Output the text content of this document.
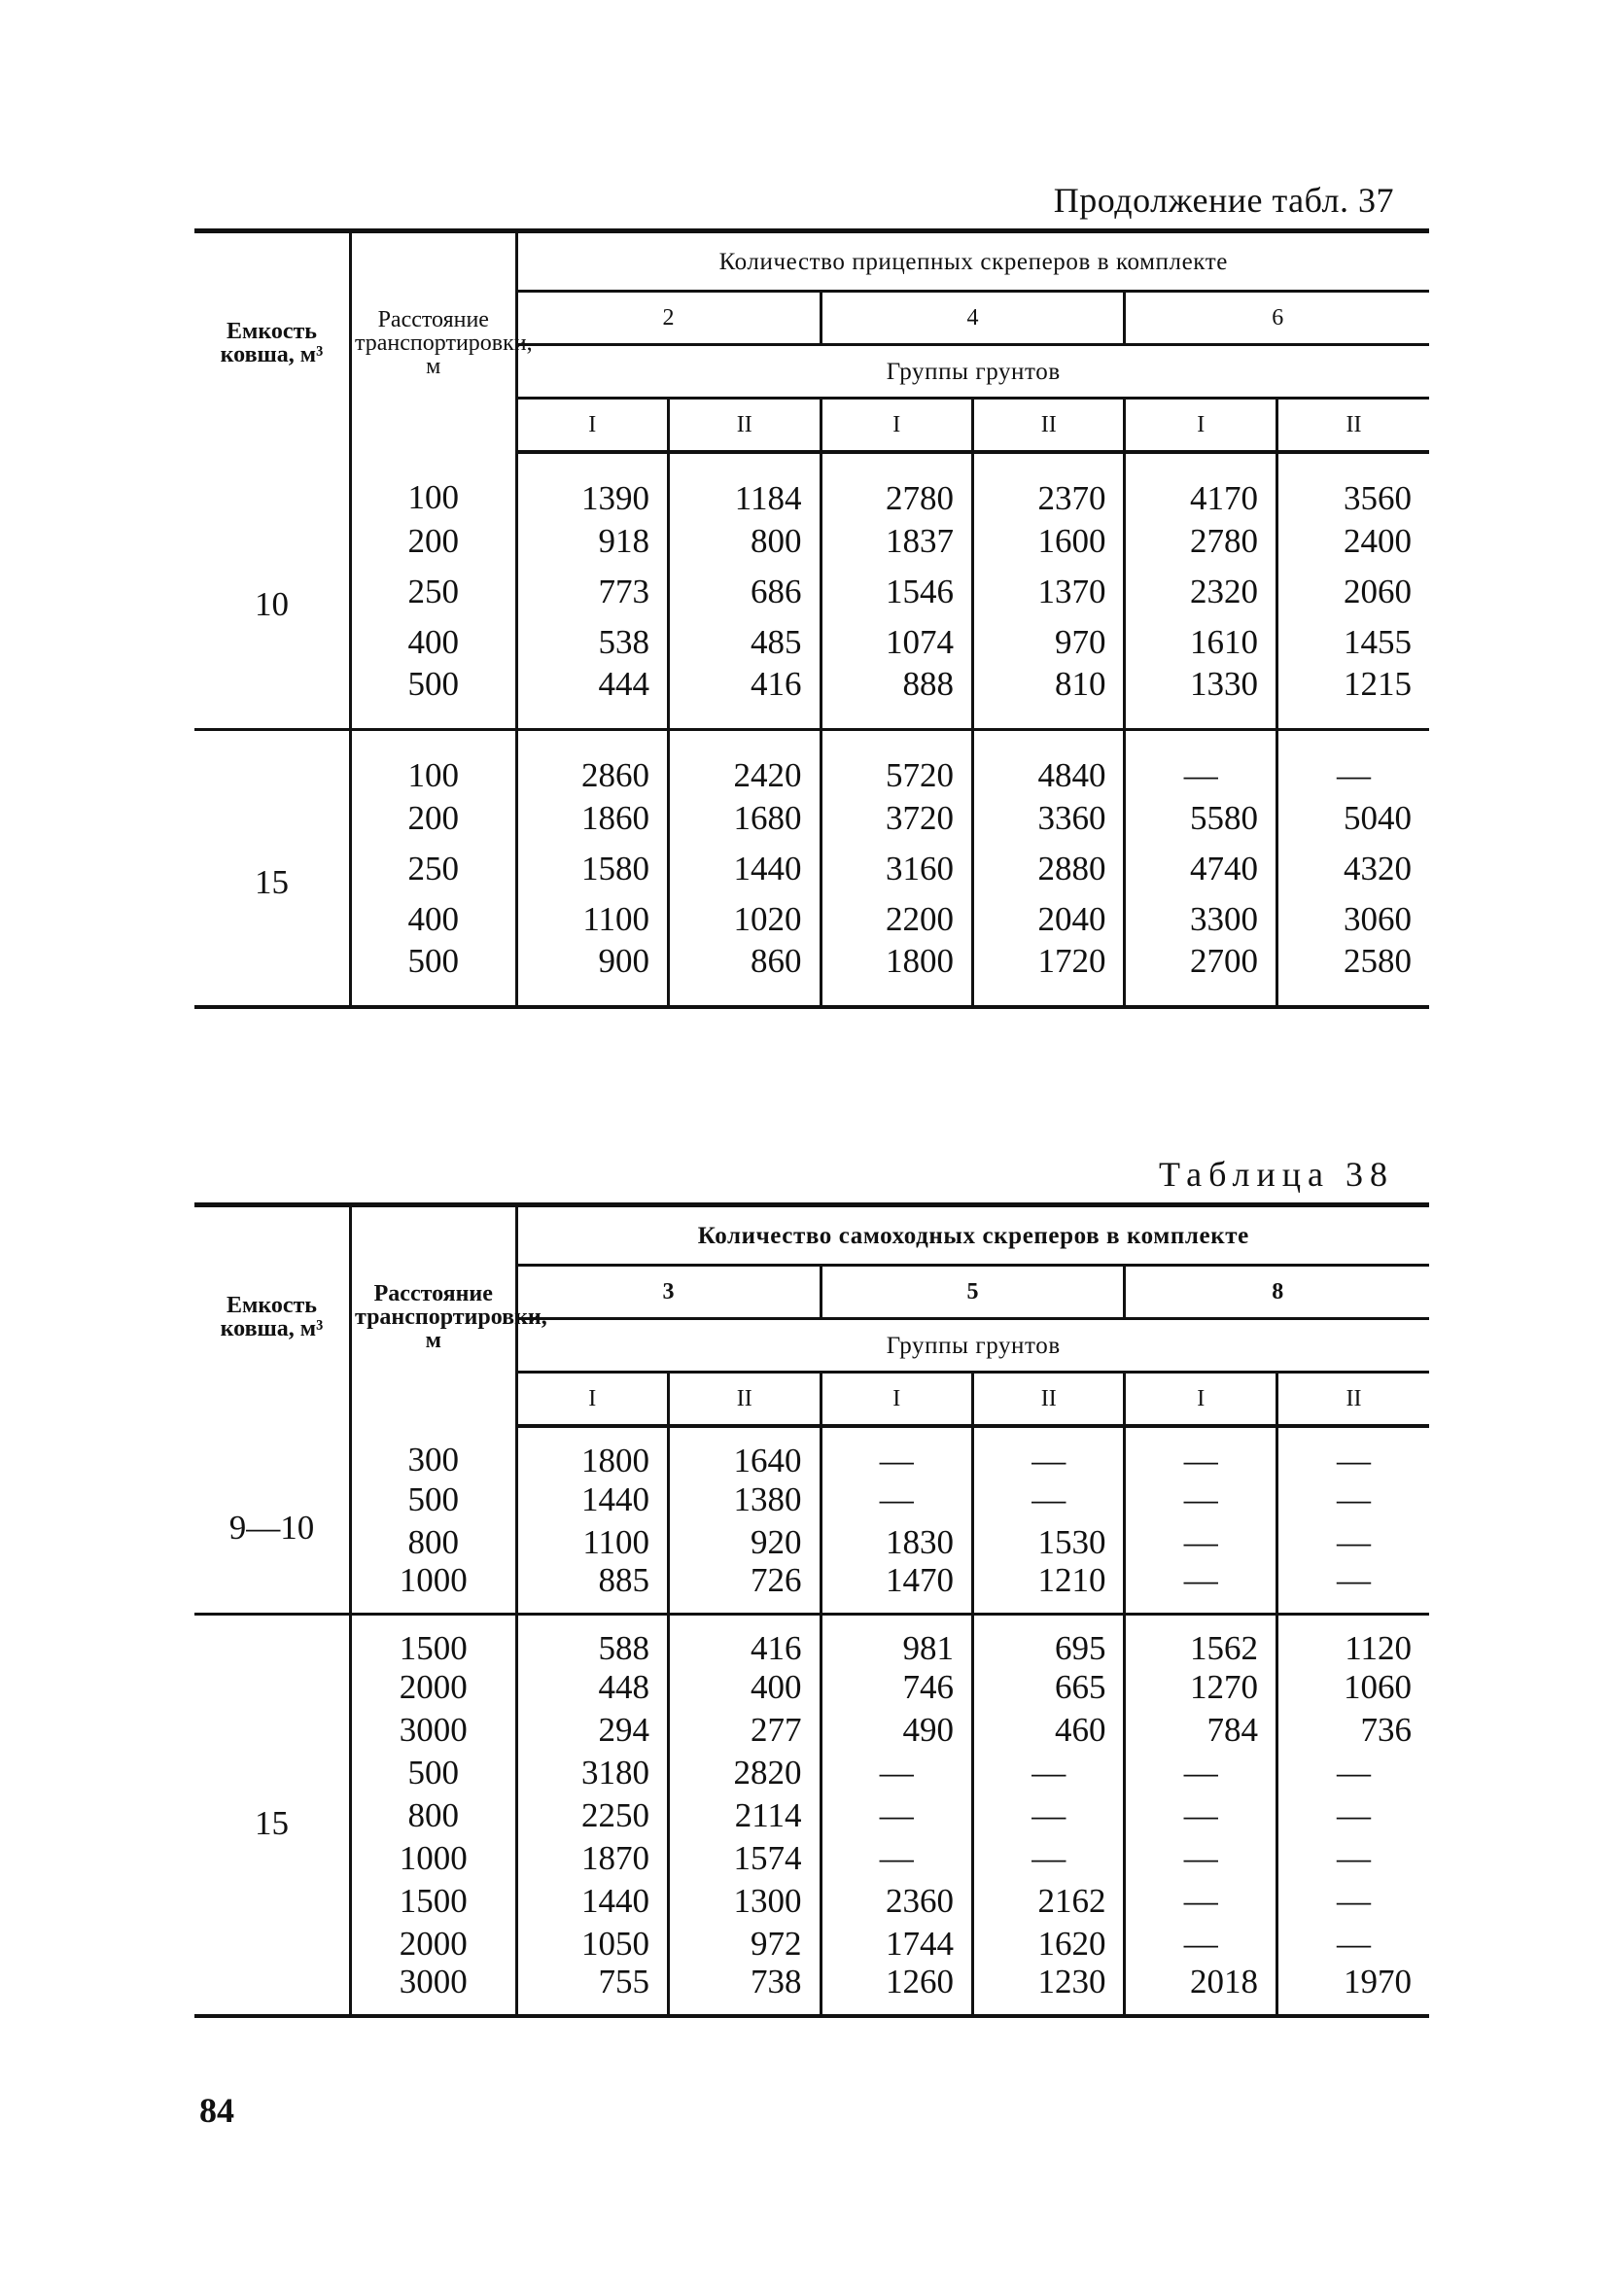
Продолжение табл. 37
Емкость ковша, м³	Расстояние транспортировки, м	Количество прицепных скреперов в комплекте					
		2		4		6	
		Группы грунтов					
		I	II	I	II	I	II
10	100	1390	1184	2780	2370	4170	3560
	200	918	800	1837	1600	2780	2400
	250	773	686	1546	1370	2320	2060
	400	538	485	1074	970	1610	1455
	500	444	416	888	810	1330	1215
15	100	2860	2420	5720	4840	—	—
	200	1860	1680	3720	3360	5580	5040
	250	1580	1440	3160	2880	4740	4320
	400	1100	1020	2200	2040	3300	3060
	500	900	860	1800	1720	2700	2580
Таблица 38
Емкость ковша, м³	Расстояние транспортировки, м	Количество самоходных скреперов в комплекте					
		3		5		8	
		Группы грунтов					
		I	II	I	II	I	II
9—10	300	1800	1640	—	—	—	—
	500	1440	1380	—	—	—	—
	800	1100	920	1830	1530	—	—
	1000	885	726	1470	1210	—	—
15	1500	588	416	981	695	1562	1120
	2000	448	400	746	665	1270	1060
	3000	294	277	490	460	784	736
	500	3180	2820	—	—	—	—
	800	2250	2114	—	—	—	—
	1000	1870	1574	—	—	—	—
	1500	1440	1300	2360	2162	—	—
	2000	1050	972	1744	1620	—	—
	3000	755	738	1260	1230	2018	1970
84
